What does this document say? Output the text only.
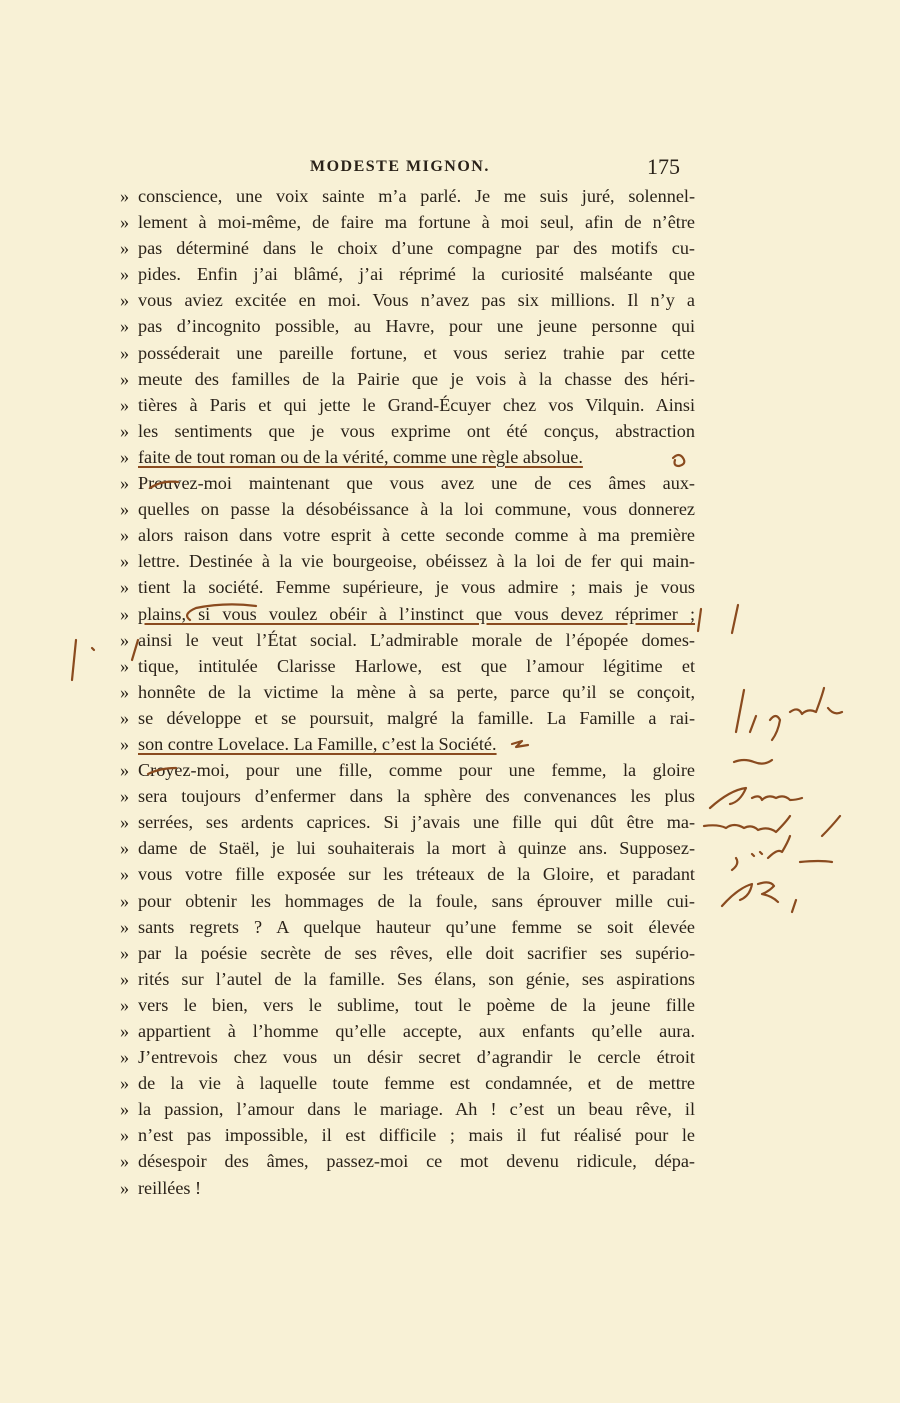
MODESTE MIGNON.	175
» conscience, une voix sainte m’a parlé. Je me suis juré, solennel-
» lement à moi-même, de faire ma fortune à moi seul, afin de n’être
» pas déterminé dans le choix d’une compagne par des motifs cu-
» pides. Enfin j’ai blâmé, j’ai réprimé la curiosité malséante que
» vous aviez excitée en moi. Vous n’avez pas six millions. Il n’y a
» pas d’incognito possible, au Havre, pour une jeune personne qui
» posséderait une pareille fortune, et vous seriez trahie par cette
» meute des familles de la Pairie que je vois à la chasse des héri-
» tières à Paris et qui jette le Grand-Écuyer chez vos Vilquin. Ainsi
» les sentiments que je vous exprime ont été conçus, abstraction
» faite de tout roman ou de la vérité, comme une règle absolue.
» Prouvez-moi maintenant que vous avez une de ces âmes aux-
» quelles on passe la désobéissance à la loi commune, vous donnerez
» alors raison dans votre esprit à cette seconde comme à ma première
» lettre. Destinée à la vie bourgeoise, obéissez à la loi de fer qui main-
» tient la société. Femme supérieure, je vous admire ; mais je vous
» plains, si vous voulez obéir à l’instinct que vous devez réprimer ;
» ainsi le veut l’État social. L’admirable morale de l’épopée domes-
» tique, intitulée Clarisse Harlowe, est que l’amour légitime et
» honnête de la victime la mène à sa perte, parce qu’il se conçoit,
» se développe et se poursuit, malgré la famille. La Famille a rai-
» son contre Lovelace. La Famille, c’est la Société.
» Croyez-moi, pour une fille, comme pour une femme, la gloire
» sera toujours d’enfermer dans la sphère des convenances les plus
» serrées, ses ardents caprices. Si j’avais une fille qui dût être ma-
» dame de Staël, je lui souhaiterais la mort à quinze ans. Supposez-
» vous votre fille exposée sur les tréteaux de la Gloire, et paradant
» pour obtenir les hommages de la foule, sans éprouver mille cui-
» sants regrets ? A quelque hauteur qu’une femme se soit élevée
» par la poésie secrète de ses rêves, elle doit sacrifier ses supério-
» rités sur l’autel de la famille. Ses élans, son génie, ses aspirations
» vers le bien, vers le sublime, tout le poème de la jeune fille
» appartient à l’homme qu’elle accepte, aux enfants qu’elle aura.
» J’entrevois chez vous un désir secret d’agrandir le cercle étroit
» de la vie à laquelle toute femme est condamnée, et de mettre
» la passion, l’amour dans le mariage. Ah ! c’est un beau rêve, il
» n’est pas impossible, il est difficile ; mais il fut réalisé pour le
» désespoir des âmes, passez-moi ce mot devenu ridicule, dépa-
» reillées !
